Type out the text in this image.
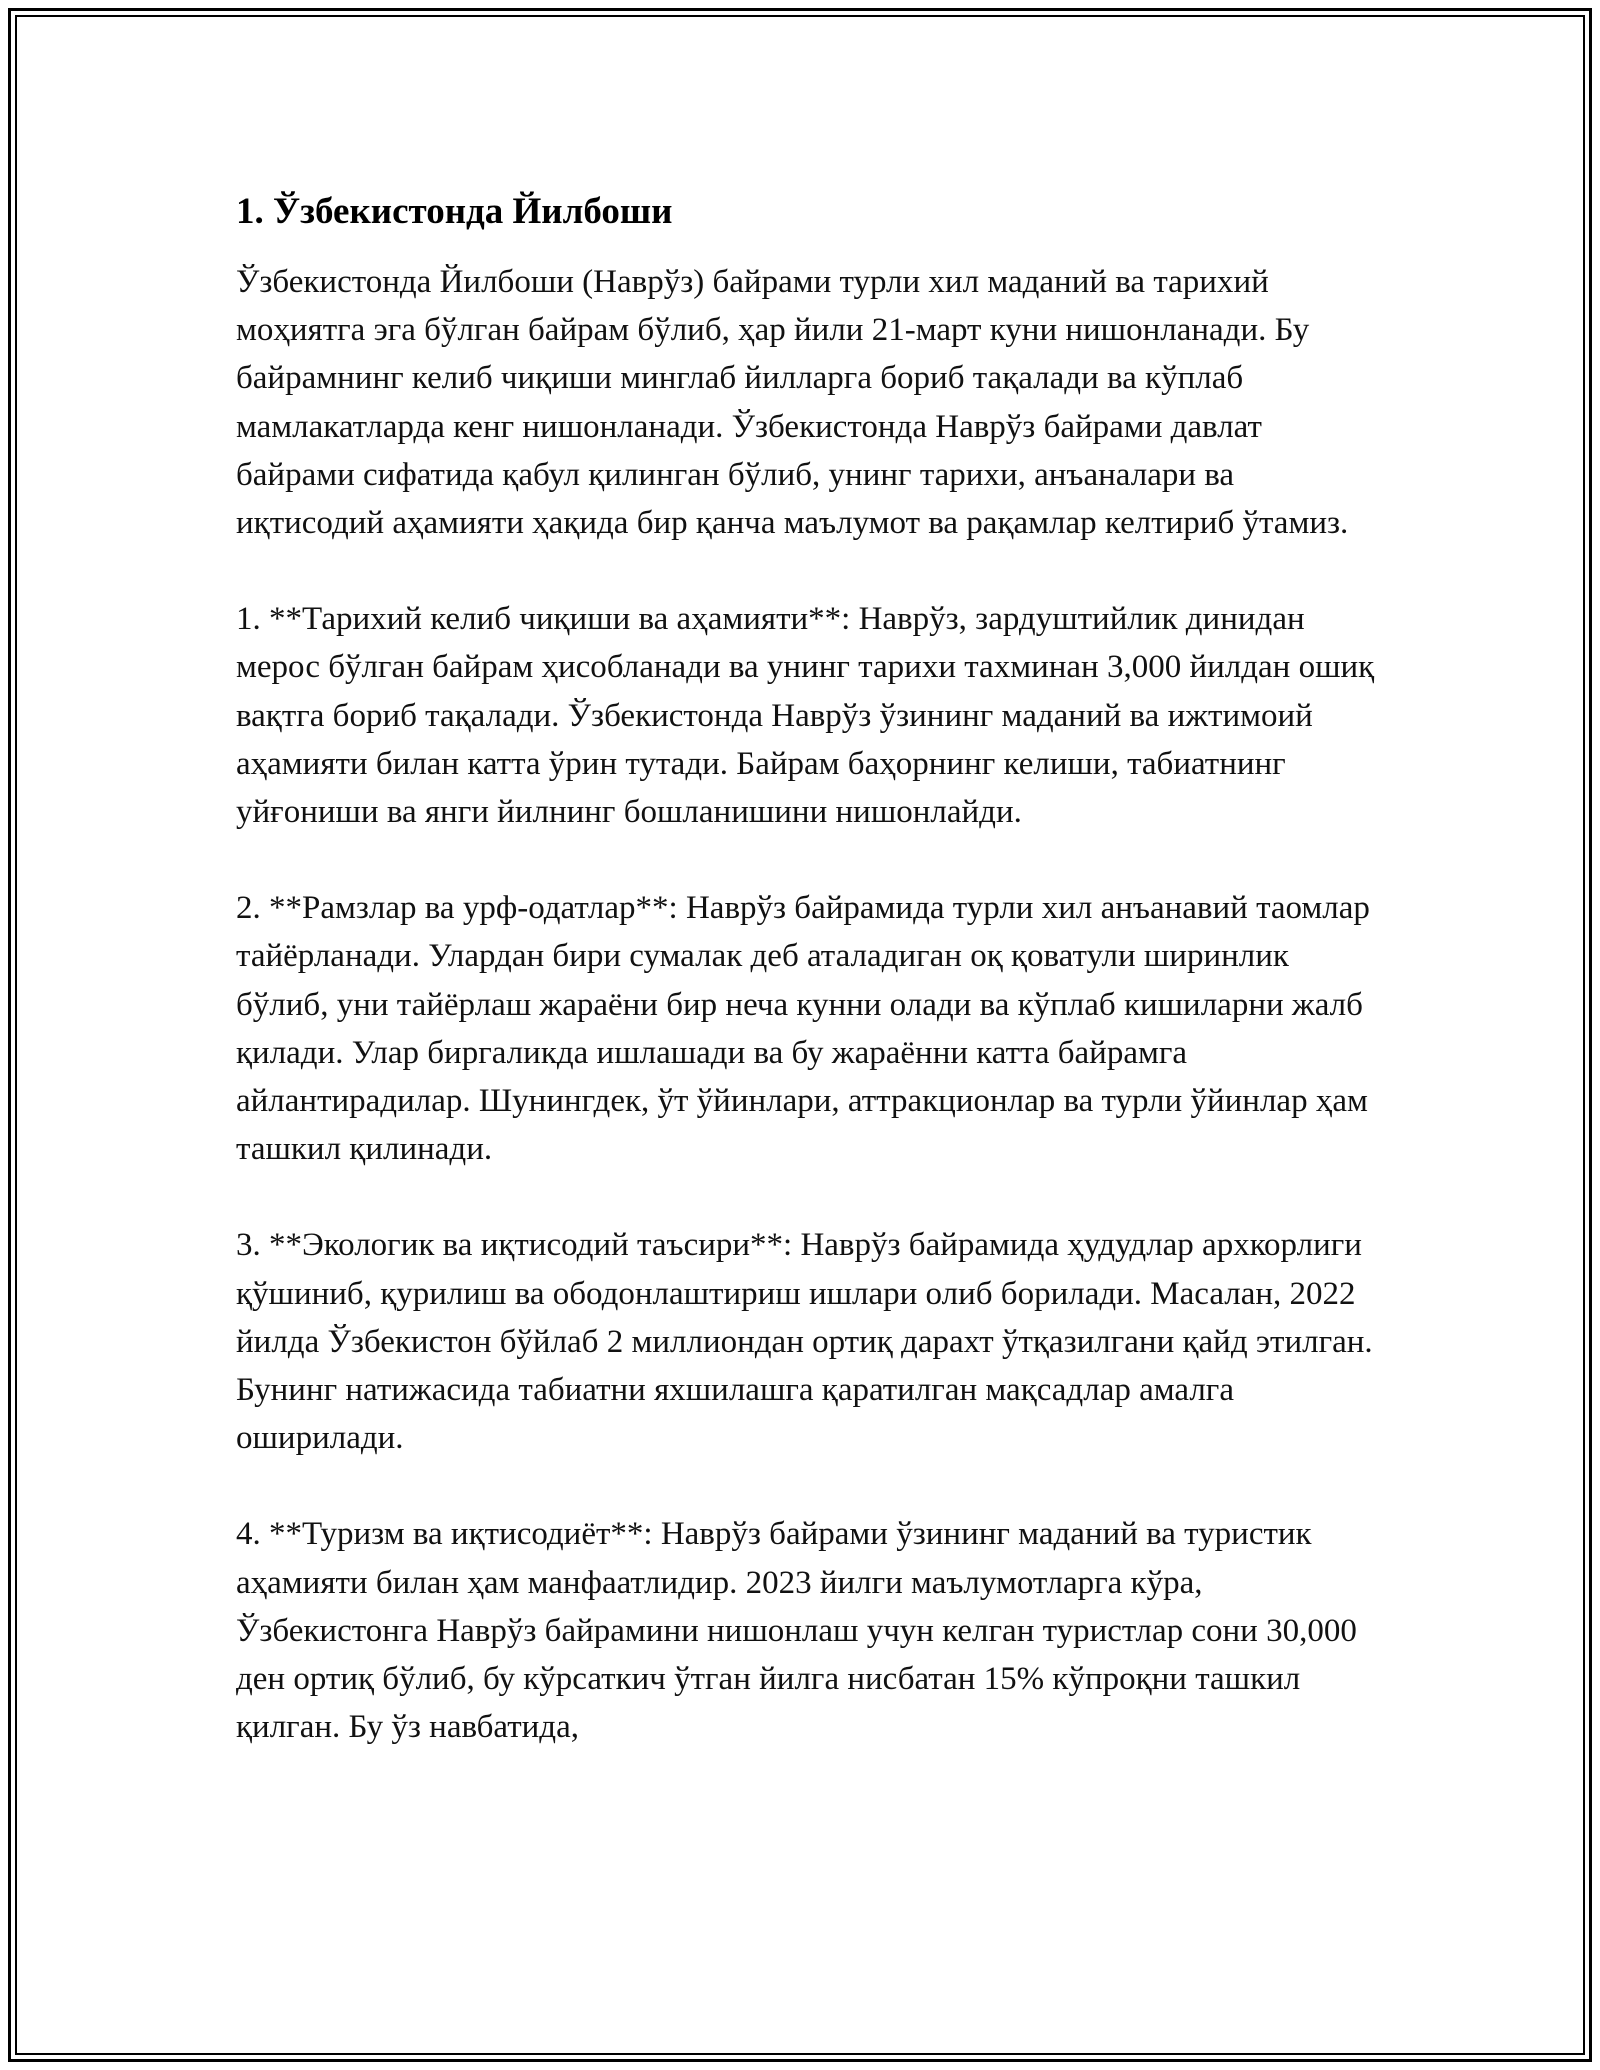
1. Ўзбекистонда Йилбоши

Ўзбекистонда Йилбоши (Наврўз) байрами турли хил маданий ва тарихий моҳиятга эга бўлган байрам бўлиб, ҳар йили 21-март куни нишонланади. Бу байрамнинг келиб чиқиши минглаб йилларга бориб тақалади ва кўплаб мамлакатларда кенг нишонланади. Ўзбекистонда Наврўз байрами давлат байрами сифатида қабул қилинган бўлиб, унинг тарихи, анъаналари ва иқтисодий аҳамияти ҳақида бир қанча маълумот ва рақамлар келтириб ўтамиз.

1. **Тарихий келиб чиқиши ва аҳамияти**: Наврўз, зардуштийлик динидан мерос бўлган байрам ҳисобланади ва унинг тарихи тахминан 3,000 йилдан ошиқ вақтга бориб тақалади. Ўзбекистонда Наврўз ўзининг маданий ва ижтимоий аҳамияти билан катта ўрин тутади. Байрам баҳорнинг келиши, табиатнинг уйғониши ва янги йилнинг бошланишини нишонлайди.

2. **Рамзлар ва урф-одатлар**: Наврўз байрамида турли хил анъанавий таомлар тайёрланади. Улардан бири сумалак деб аталадиган оқ қоватули ширинлик бўлиб, уни тайёрлаш жараёни бир неча кунни олади ва кўплаб кишиларни жалб қилади. Улар биргаликда ишлашади ва бу жараённи катта байрамга айлантирадилар. Шунингдек, ўт ўйинлари, аттракционлар ва турли ўйинлар ҳам ташкил қилинади.

3. **Экологик ва иқтисодий таъсири**: Наврўз байрамида ҳудудлар архкорлиги қўшиниб, қурилиш ва ободонлаштириш ишлари олиб борилади. Масалан, 2022 йилда Ўзбекистон бўйлаб 2 миллиондан ортиқ дарахт ўтқазилгани қайд этилган. Бунинг натижасида табиатни яхшилашга қаратилган мақсадлар амалга оширилади.

4. **Туризм ва иқтисодиёт**: Наврўз байрами ўзининг маданий ва туристик аҳамияти билан ҳам манфаатлидир. 2023 йилги маълумотларга кўра, Ўзбекистонга Наврўз байрамини нишонлаш учун келган туристлар сони 30,000 ден ортиқ бўлиб, бу кўрсаткич ўтган йилга нисбатан 15% кўпроқни ташкил қилган. Бу ўз навбатида,
